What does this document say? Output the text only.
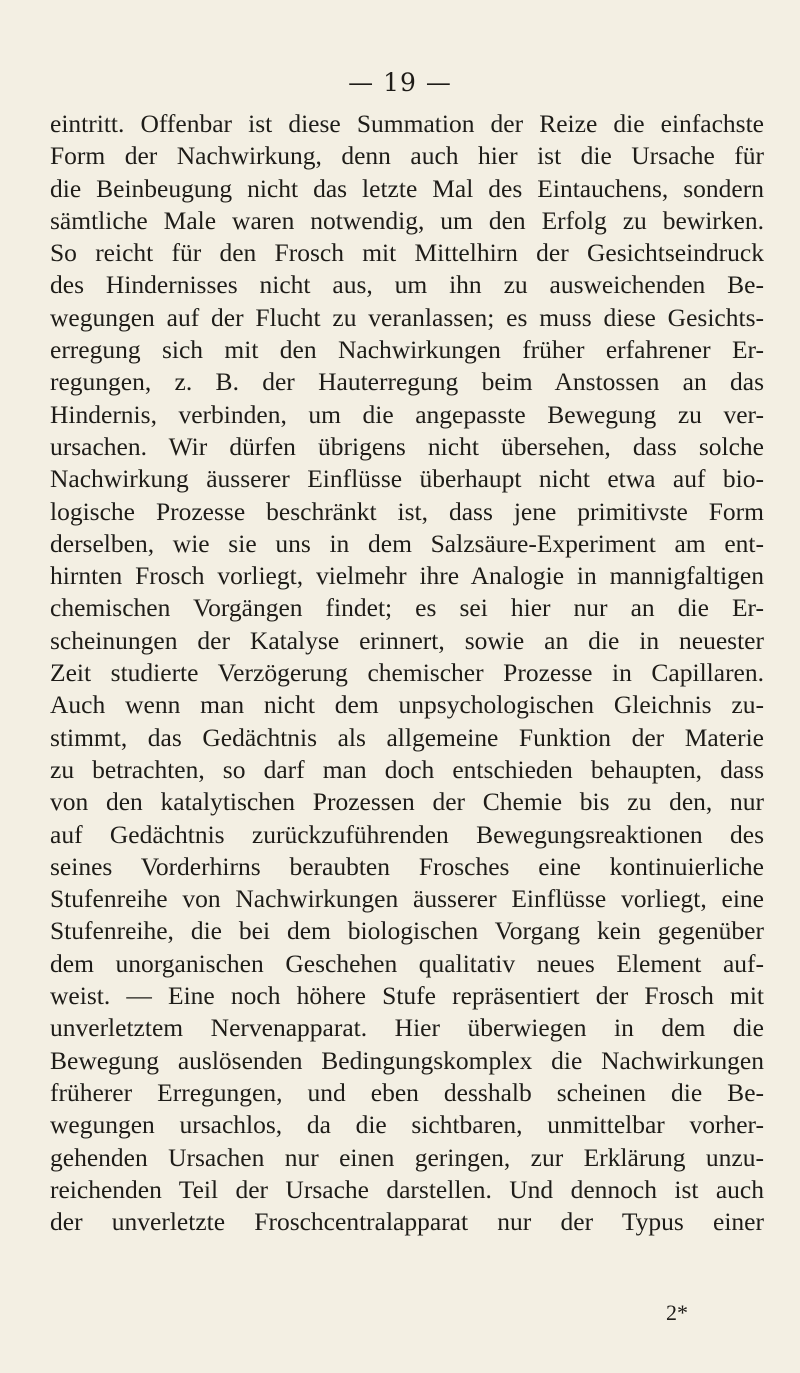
— 19 —
eintritt. Offenbar ist diese Summation der Reize die einfachste
Form der Nachwirkung, denn auch hier ist die Ursache für
die Beinbeugung nicht das letzte Mal des Eintauchens, sondern
sämtliche Male waren notwendig, um den Erfolg zu bewirken.
So reicht für den Frosch mit Mittelhirn der Gesichtseindruck
des Hindernisses nicht aus, um ihn zu ausweichenden Be-
wegungen auf der Flucht zu veranlassen; es muss diese Gesichts-
erregung sich mit den Nachwirkungen früher erfahrener Er-
regungen, z. B. der Hauterregung beim Anstossen an das
Hindernis, verbinden, um die angepasste Bewegung zu ver-
ursachen. Wir dürfen übrigens nicht übersehen, dass solche
Nachwirkung äusserer Einflüsse überhaupt nicht etwa auf bio-
logische Prozesse beschränkt ist, dass jene primitivste Form
derselben, wie sie uns in dem Salzsäure-Experiment am ent-
hirnten Frosch vorliegt, vielmehr ihre Analogie in mannigfaltigen
chemischen Vorgängen findet; es sei hier nur an die Er-
scheinungen der Katalyse erinnert, sowie an die in neuester
Zeit studierte Verzögerung chemischer Prozesse in Capillaren.
Auch wenn man nicht dem unpsychologischen Gleichnis zu-
stimmt, das Gedächtnis als allgemeine Funktion der Materie
zu betrachten, so darf man doch entschieden behaupten, dass
von den katalytischen Prozessen der Chemie bis zu den, nur
auf Gedächtnis zurückzuführenden Bewegungsreaktionen des
seines Vorderhirns beraubten Frosches eine kontinuierliche
Stufenreihe von Nachwirkungen äusserer Einflüsse vorliegt, eine
Stufenreihe, die bei dem biologischen Vorgang kein gegenüber
dem unorganischen Geschehen qualitativ neues Element auf-
weist. — Eine noch höhere Stufe repräsentiert der Frosch mit
unverletztem Nervenapparat. Hier überwiegen in dem die
Bewegung auslösenden Bedingungskomplex die Nachwirkungen
früherer Erregungen, und eben desshalb scheinen die Be-
wegungen ursachlos, da die sichtbaren, unmittelbar vorher-
gehenden Ursachen nur einen geringen, zur Erklärung unzu-
reichenden Teil der Ursache darstellen. Und dennoch ist auch
der unverletzte Froschcentralapparat nur der Typus einer
2*
